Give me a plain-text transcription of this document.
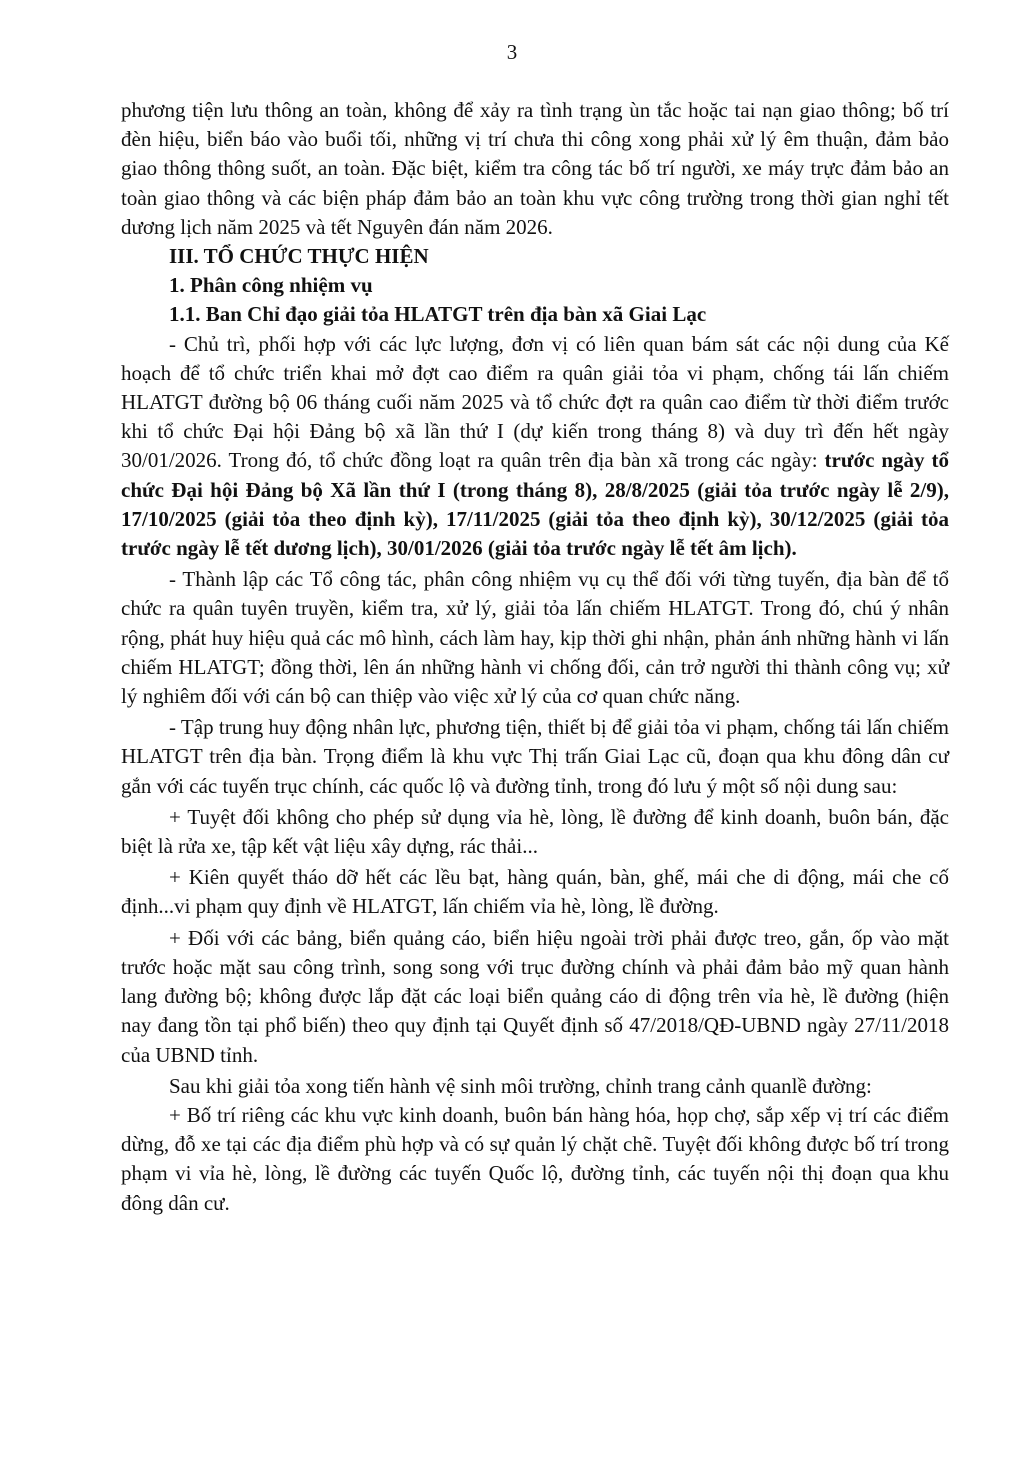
3

phương tiện lưu thông an toàn, không để xảy ra tình trạng ùn tắc hoặc tai nạn giao thông; bố trí đèn hiệu, biển báo vào buổi tối, những vị trí chưa thi công xong phải xử lý êm thuận, đảm bảo giao thông thông suốt, an toàn. Đặc biệt, kiểm tra công tác bố trí người, xe máy trực đảm bảo an toàn giao thông và các biện pháp đảm bảo an toàn khu vực công trường trong thời gian nghỉ tết dương lịch năm 2025 và tết Nguyên đán năm 2026.

III. TỔ CHỨC THỰC HIỆN

1. Phân công nhiệm vụ

1.1. Ban Chỉ đạo giải tỏa HLATGT trên địa bàn xã Giai Lạc

- Chủ trì, phối hợp với các lực lượng, đơn vị có liên quan bám sát các nội dung của Kế hoạch để tổ chức triển khai mở đợt cao điểm ra quân giải tỏa vi phạm, chống tái lấn chiếm HLATGT đường bộ 06 tháng cuối năm 2025 và tổ chức đợt ra quân cao điểm từ thời điểm trước khi tổ chức Đại hội Đảng bộ xã lần thứ I (dự kiến trong tháng 8) và duy trì đến hết ngày 30/01/2026. Trong đó, tổ chức đồng loạt ra quân trên địa bàn xã trong các ngày: trước ngày tổ chức Đại hội Đảng bộ Xã lần thứ I (trong tháng 8), 28/8/2025 (giải tỏa trước ngày lễ 2/9), 17/10/2025 (giải tỏa theo định kỳ), 17/11/2025 (giải tỏa theo định kỳ), 30/12/2025 (giải tỏa trước ngày lễ tết dương lịch), 30/01/2026 (giải tỏa trước ngày lễ tết âm lịch).

- Thành lập các Tổ công tác, phân công nhiệm vụ cụ thể đối với từng tuyến, địa bàn để tổ chức ra quân tuyên truyền, kiểm tra, xử lý, giải tỏa lấn chiếm HLATGT. Trong đó, chú ý nhân rộng, phát huy hiệu quả các mô hình, cách làm hay, kịp thời ghi nhận, phản ánh những hành vi lấn chiếm HLATGT; đồng thời, lên án những hành vi chống đối, cản trở người thi thành công vụ; xử lý nghiêm đối với cán bộ can thiệp vào việc xử lý của cơ quan chức năng.

- Tập trung huy động nhân lực, phương tiện, thiết bị để giải tỏa vi phạm, chống tái lấn chiếm HLATGT trên địa bàn. Trọng điểm là khu vực Thị trấn Giai Lạc cũ, đoạn qua khu đông dân cư gắn với các tuyến trục chính, các quốc lộ và đường tỉnh, trong đó lưu ý một số nội dung sau:

+ Tuyệt đối không cho phép sử dụng vỉa hè, lòng, lề đường để kinh doanh, buôn bán, đặc biệt là rửa xe, tập kết vật liệu xây dựng, rác thải...

+ Kiên quyết tháo dỡ hết các lều bạt, hàng quán, bàn, ghế, mái che di động, mái che cố định...vi phạm quy định về HLATGT, lấn chiếm vỉa hè, lòng, lề đường.

+ Đối với các bảng, biển quảng cáo, biển hiệu ngoài trời phải được treo, gắn, ốp vào mặt trước hoặc mặt sau công trình, song song với trục đường chính và phải đảm bảo mỹ quan hành lang đường bộ; không được lắp đặt các loại biển quảng cáo di động trên vỉa hè, lề đường (hiện nay đang tồn tại phổ biến) theo quy định tại Quyết định số 47/2018/QĐ-UBND ngày 27/11/2018 của UBND tỉnh.

Sau khi giải tỏa xong tiến hành vệ sinh môi trường, chỉnh trang cảnh quanlề đường:

+ Bố trí riêng các khu vực kinh doanh, buôn bán hàng hóa, họp chợ, sắp xếp vị trí các điểm dừng, đỗ xe tại các địa điểm phù hợp và có sự quản lý chặt chẽ. Tuyệt đối không được bố trí trong phạm vi vỉa hè, lòng, lề đường các tuyến Quốc lộ, đường tỉnh, các tuyến nội thị đoạn qua khu đông dân cư.
